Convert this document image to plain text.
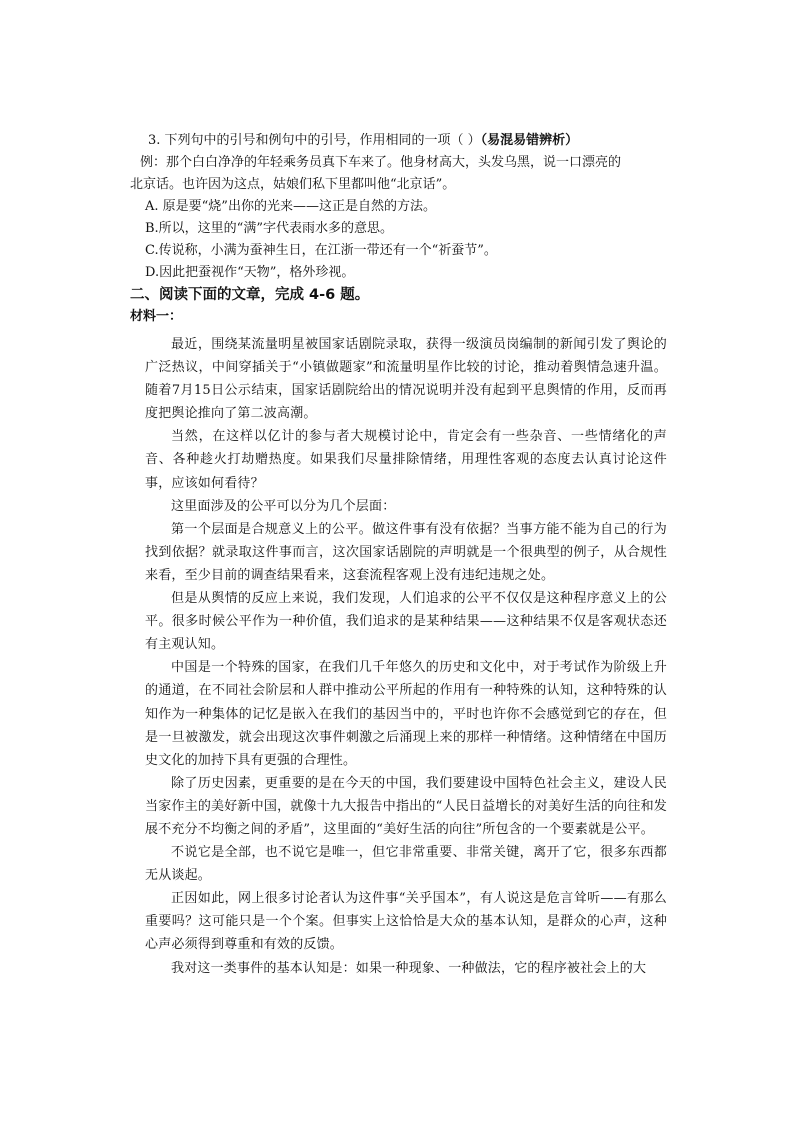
3. 下列句中的引号和例句中的引号，作用相同的一项（ ）（易混易错辨析）
例：那个白白净净的年轻乘务员真下车来了。他身材高大，头发乌黑，说一口漂亮的
北京话。也许因为这点，姑娘们私下里都叫他“北京话”。
A. 原是要“烧”出你的光来——这正是自然的方法。
B.所以，这里的“满”字代表雨水多的意思。
C.传说称，小满为蚕神生日，在江浙一带还有一个“祈蚕节”。
D.因此把蚕视作“天物”，格外珍视。
二、阅读下面的文章，完成 4-6 题。
材料一：

最近，围绕某流量明星被国家话剧院录取，获得一级演员岗编制的新闻引发了舆论的广泛热议，中间穿插关于“小镇做题家”和流量明星作比较的讨论，推动着舆情急速升温。随着7月15日公示结束，国家话剧院给出的情况说明并没有起到平息舆情的作用，反而再度把舆论推向了第二波高潮。

当然，在这样以亿计的参与者大规模讨论中，肯定会有一些杂音、一些情绪化的声音、各种趁火打劫赠热度。如果我们尽量排除情绪，用理性客观的态度去认真讨论这件事，应该如何看待？

这里面涉及的公平可以分为几个层面：

第一个层面是合规意义上的公平。做这件事有没有依据？当事方能不能为自己的行为找到依据？就录取这件事而言，这次国家话剧院的声明就是一个很典型的例子，从合规性来看，至少目前的调查结果看来，这套流程客观上没有违纪违规之处。

但是从舆情的反应上来说，我们发现，人们追求的公平不仅仅是这种程序意义上的公平。很多时候公平作为一种价值，我们追求的是某种结果——这种结果不仅是客观状态还有主观认知。

中国是一个特殊的国家，在我们几千年悠久的历史和文化中，对于考试作为阶级上升的通道，在不同社会阶层和人群中推动公平所起的作用有一种特殊的认知，这种特殊的认知作为一种集体的记忆是嵌入在我们的基因当中的，平时也许你不会感觉到它的存在，但是一旦被激发，就会出现这次事件刺激之后涌现上来的那样一种情绪。这种情绪在中国历史文化的加持下具有更强的合理性。

除了历史因素，更重要的是在今天的中国，我们要建设中国特色社会主义，建设人民当家作主的美好新中国，就像十九大报告中指出的“人民日益增长的对美好生活的向往和发展不充分不均衡之间的矛盾”，这里面的“美好生活的向往”所包含的一个要素就是公平。

不说它是全部，也不说它是唯一，但它非常重要、非常关键，离开了它，很多东西都无从谈起。

正因如此，网上很多讨论者认为这件事“关乎国本”，有人说这是危言耸听——有那么重要吗？这可能只是一个个案。但事实上这恰恰是大众的基本认知，是群众的心声，这种心声必须得到尊重和有效的反馈。

我对这一类事件的基本认知是：如果一种现象、一种做法，它的程序被社会上的大
